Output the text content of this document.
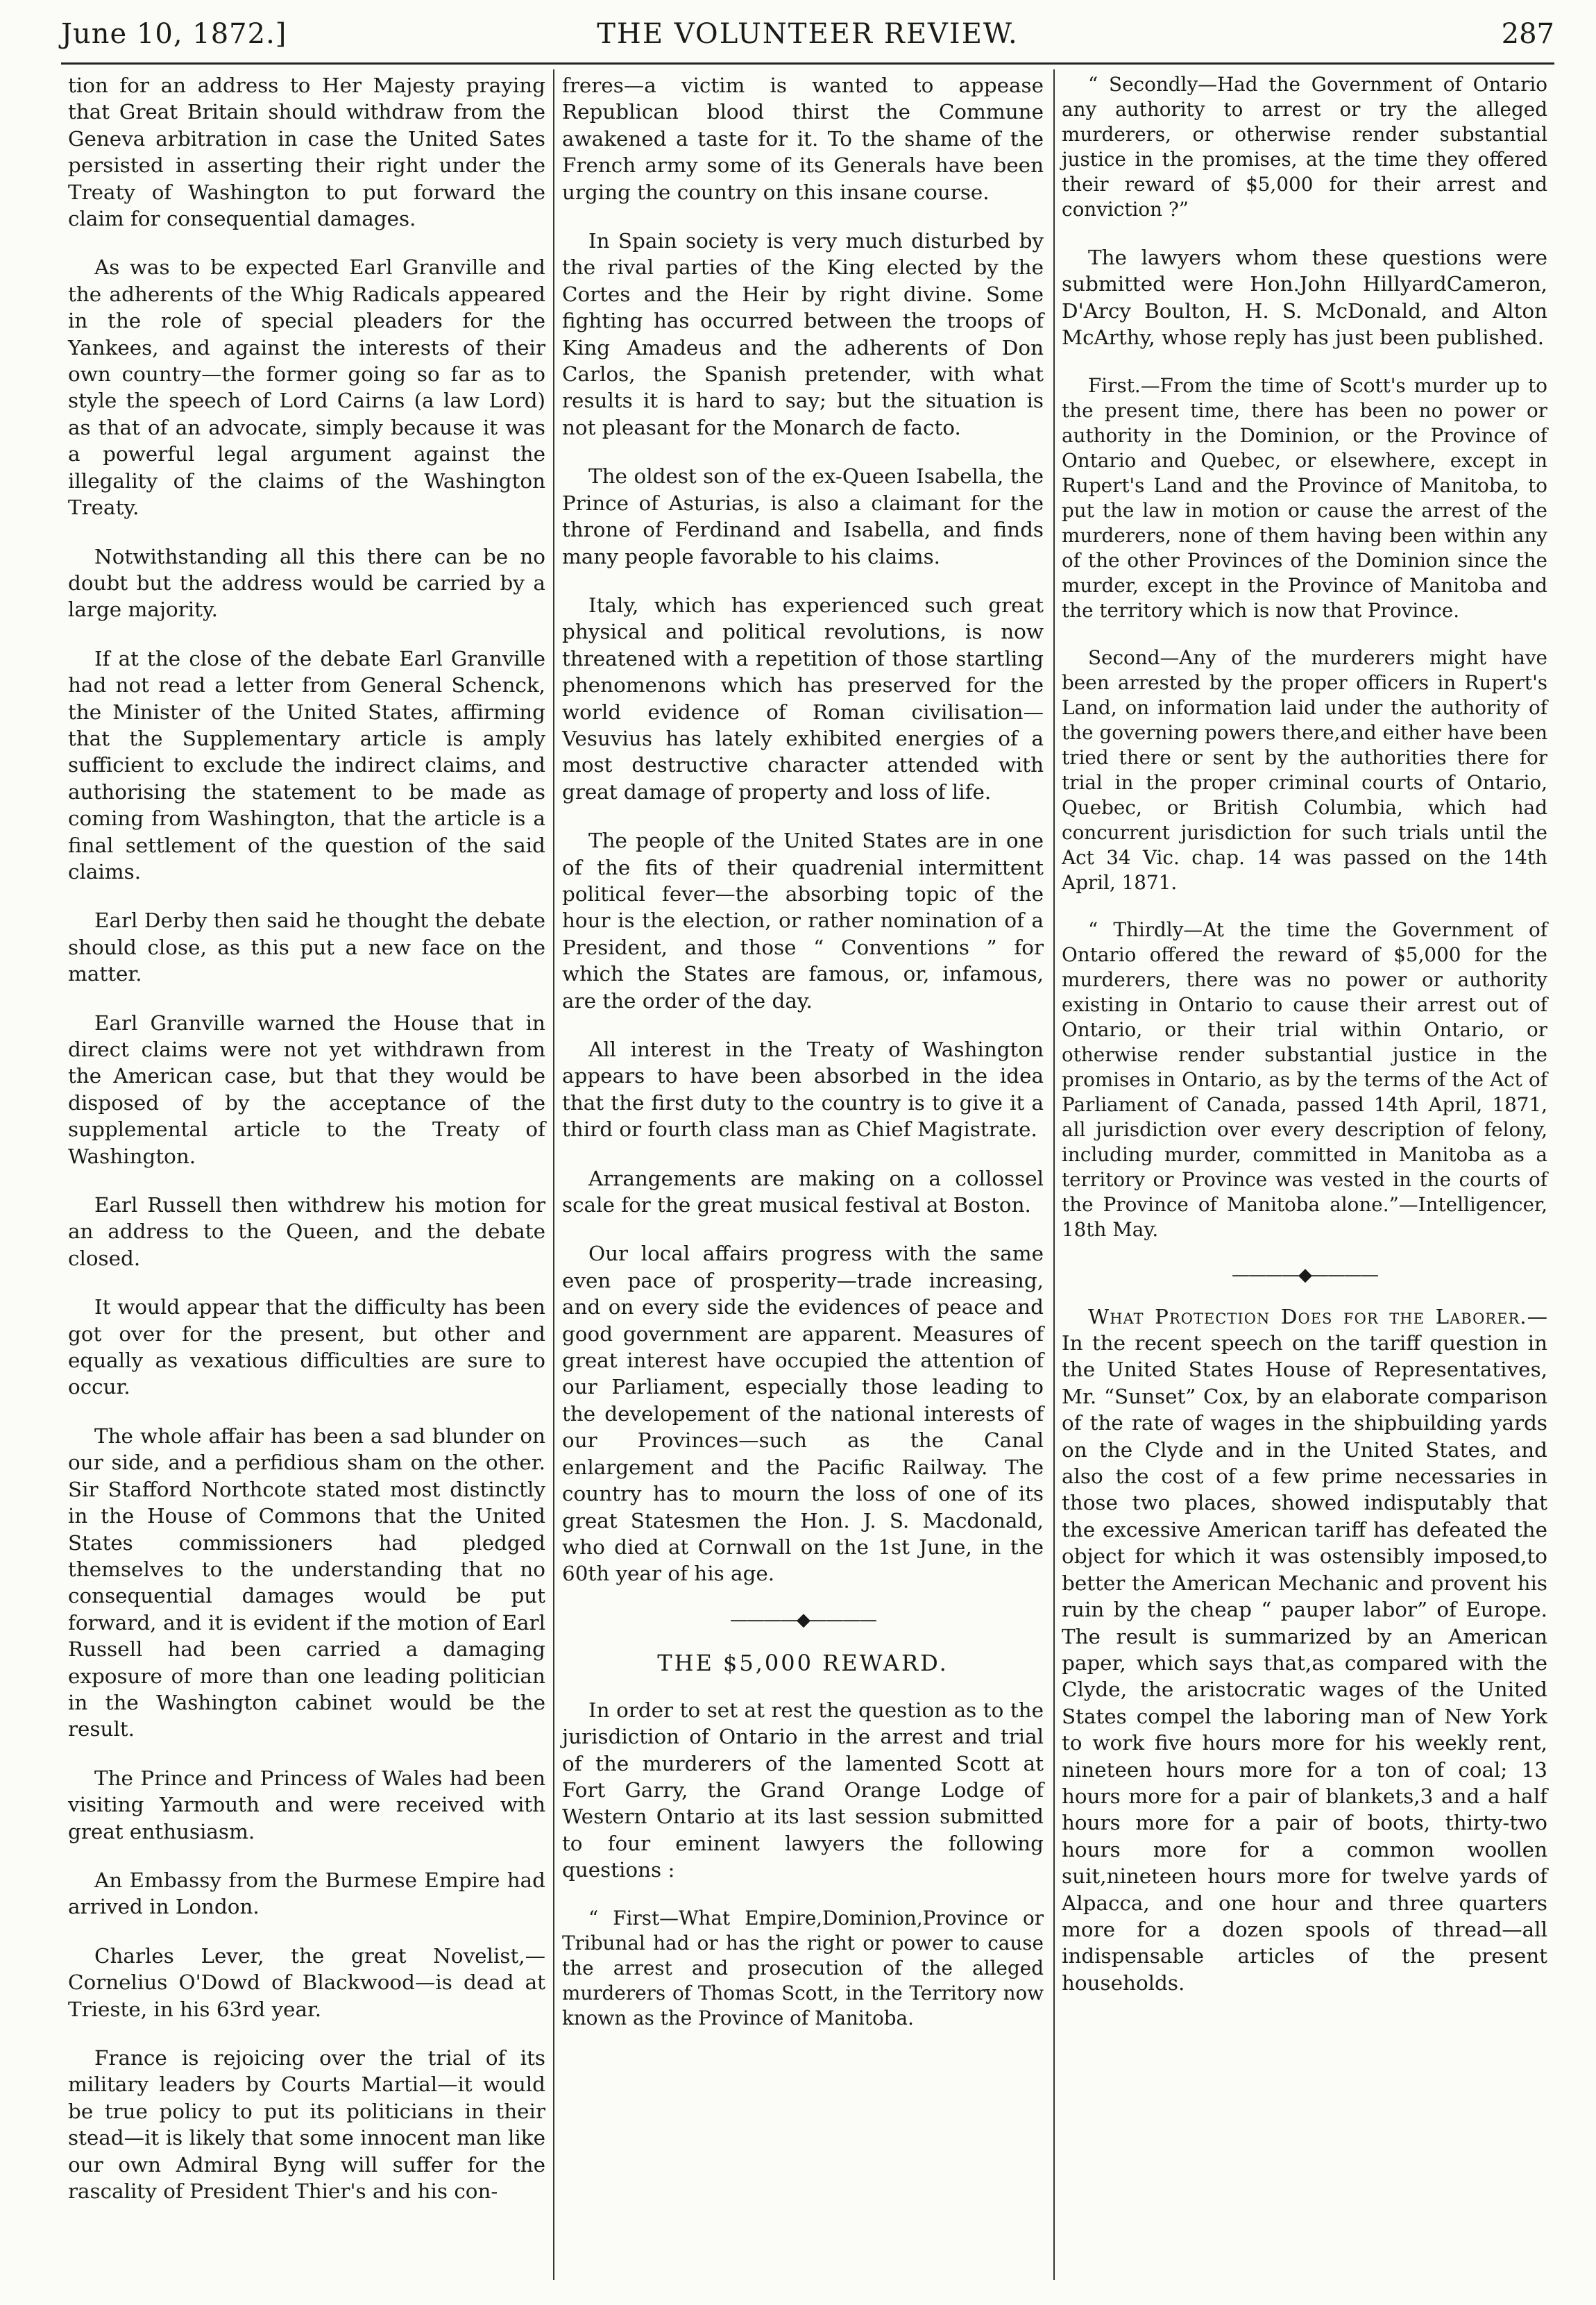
June 10, 1872.]	THE VOLUNTEER REVIEW.	287

tion for an address to Her Majesty praying that Great Britain should withdraw from the Geneva arbitration in case the United Sates persisted in asserting their right under the Treaty of Washington to put forward the claim for consequential damages.

As was to be expected Earl Granville and the adherents of the Whig Radicals appeared in the role of special pleaders for the Yankees, and against the interests of their own country—the former going so far as to style the speech of Lord Cairns (a law Lord) as that of an advocate, simply because it was a powerful legal argument against the illegality of the claims of the Washington Treaty.

Notwithstanding all this there can be no doubt but the address would be carried by a large majority.

If at the close of the debate Earl Granville had not read a letter from General Schenck, the Minister of the United States, affirming that the Supplementary article is amply sufficient to exclude the indirect claims, and authorising the statement to be made as coming from Washington, that the article is a final settlement of the question of the said claims.

Earl Derby then said he thought the debate should close, as this put a new face on the matter.

Earl Granville warned the House that in direct claims were not yet withdrawn from the American case, but that they would be disposed of by the acceptance of the supplemental article to the Treaty of Washington.

Earl Russell then withdrew his motion for an address to the Queen, and the debate closed.

It would appear that the difficulty has been got over for the present, but other and equally as vexatious difficulties are sure to occur.

The whole affair has been a sad blunder on our side, and a perfidious sham on the other. Sir Stafford Northcote stated most distinctly in the House of Commons that the United States commissioners had pledged themselves to the understanding that no consequential damages would be put forward, and it is evident if the motion of Earl Russell had been carried a damaging exposure of more than one leading politician in the Washington cabinet would be the result.

The Prince and Princess of Wales had been visiting Yarmouth and were received with great enthusiasm.

An Embassy from the Burmese Empire had arrived in London.

Charles Lever, the great Novelist,—Cornelius O'Dowd of Blackwood—is dead at Trieste, in his 63rd year.

France is rejoicing over the trial of its military leaders by Courts Martial—it would be true policy to put its politicians in their stead—it is likely that some innocent man like our own Admiral Byng will suffer for the rascality of President Thier's and his con-

freres—a victim is wanted to appease Republican blood thirst the Commune awakened a taste for it. To the shame of the French army some of its Generals have been urging the country on this insane course.

In Spain society is very much disturbed by the rival parties of the King elected by the Cortes and the Heir by right divine. Some fighting has occurred between the troops of King Amadeus and the adherents of Don Carlos, the Spanish pretender, with what results it is hard to say; but the situation is not pleasant for the Monarch de facto.

The oldest son of the ex-Queen Isabella, the Prince of Asturias, is also a claimant for the throne of Ferdinand and Isabella, and finds many people favorable to his claims.

Italy, which has experienced such great physical and political revolutions, is now threatened with a repetition of those startling phenomenons which has preserved for the world evidence of Roman civilisation—Vesuvius has lately exhibited energies of a most destructive character attended with great damage of property and loss of life.

The people of the United States are in one of the fits of their quadrenial intermittent political fever—the absorbing topic of the hour is the election, or rather nomination of a President, and those “ Conventions ” for which the States are famous, or, infamous, are the order of the day.

All interest in the Treaty of Washington appears to have been absorbed in the idea that the first duty to the country is to give it a third or fourth class man as Chief Magistrate.

Arrangements are making on a collossel scale for the great musical festival at Boston.

Our local affairs progress with the same even pace of prosperity—trade increasing, and on every side the evidences of peace and good government are apparent. Measures of great interest have occupied the attention of our Parliament, especially those leading to the developement of the national interests of our Provinces—such as the Canal enlargement and the Pacific Railway. The country has to mourn the loss of one of its great Statesmen the Hon. J. S. Macdonald, who died at Cornwall on the 1st June, in the 60th year of his age.

————◆————
THE $5,000 REWARD.

In order to set at rest the question as to the jurisdiction of Ontario in the arrest and trial of the murderers of the lamented Scott at Fort Garry, the Grand Orange Lodge of Western Ontario at its last session submitted to four eminent lawyers the following questions :

“ First—What Empire,Dominion,Province or Tribunal had or has the right or power to cause the arrest and prosecution of the alleged murderers of Thomas Scott, in the Territory now known as the Province of Manitoba.

“ Secondly—Had the Government of Ontario any authority to arrest or try the alleged murderers, or otherwise render substantial justice in the promises, at the time they offered their reward of $5,000 for their arrest and conviction ?”

The lawyers whom these questions were submitted were Hon.John HillyardCameron, D'Arcy Boulton, H. S. McDonald, and Alton McArthy, whose reply has just been published.

First.—From the time of Scott's murder up to the present time, there has been no power or authority in the Dominion, or the Province of Ontario and Quebec, or elsewhere, except in Rupert's Land and the Province of Manitoba, to put the law in motion or cause the arrest of the murderers, none of them having been within any of the other Provinces of the Dominion since the murder, except in the Province of Manitoba and the territory which is now that Province.

Second—Any of the murderers might have been arrested by the proper officers in Rupert's Land, on information laid under the authority of the governing powers there,and either have been tried there or sent by the authorities there for trial in the proper criminal courts of Ontario, Quebec, or British Columbia, which had concurrent jurisdiction for such trials until the Act 34 Vic. chap. 14 was passed on the 14th April, 1871.

“ Thirdly—At the time the Government of Ontario offered the reward of $5,000 for the murderers, there was no power or authority existing in Ontario to cause their arrest out of Ontario, or their trial within Ontario, or otherwise render substantial justice in the promises in Ontario, as by the terms of the Act of Parliament of Canada, passed 14th April, 1871, all jurisdiction over every description of felony, including murder, committed in Manitoba as a territory or Province was vested in the courts of the Province of Manitoba alone.”—Intelligencer, 18th May.

————◆————

What Protection Does for the Laborer.—In the recent speech on the tariff question in the United States House of Representatives, Mr. “Sunset” Cox, by an elaborate comparison of the rate of wages in the shipbuilding yards on the Clyde and in the United States, and also the cost of a few prime necessaries in those two places, showed indisputably that the excessive American tariff has defeated the object for which it was ostensibly imposed,to better the American Mechanic and provent his ruin by the cheap “ pauper labor” of Europe. The result is summarized by an American paper, which says that,as compared with the Clyde, the aristocratic wages of the United States compel the laboring man of New York to work five hours more for his weekly rent, nineteen hours more for a ton of coal; 13 hours more for a pair of blankets,3 and a half hours more for a pair of boots, thirty-two hours more for a common woollen suit,nineteen hours more for twelve yards of Alpacca, and one hour and three quarters more for a dozen spools of thread—all indispensable articles of the present households.
